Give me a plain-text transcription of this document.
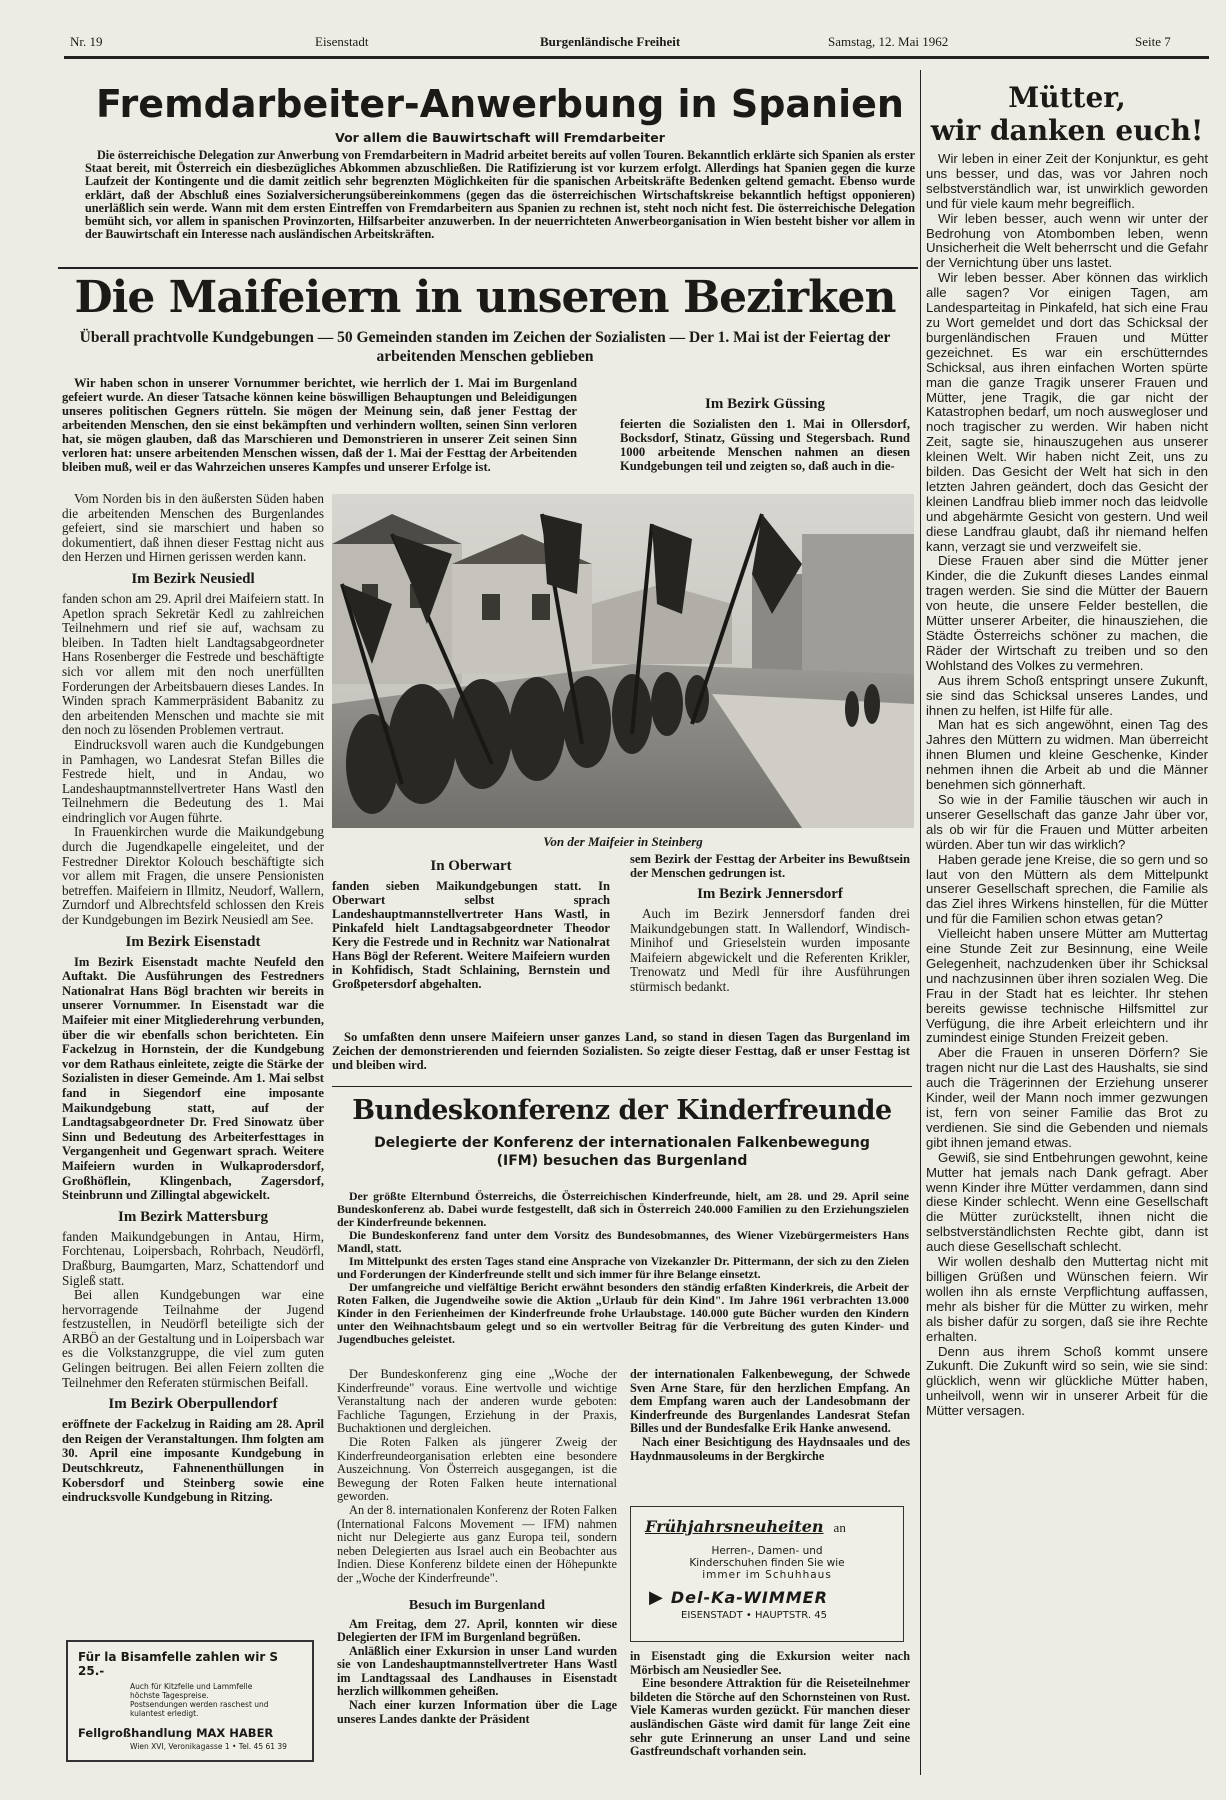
Nr. 19	Eisenstadt	Burgenländische Freiheit	Samstag, 12. Mai 1962	Seite 7
Fremdarbeiter-Anwerbung in Spanien
Vor allem die Bauwirtschaft will Fremdarbeiter
Die österreichische Delegation zur Anwerbung von Fremdarbeitern in Madrid arbeitet bereits auf vollen Touren. Bekanntlich erklärte sich Spanien als erster Staat bereit, mit Österreich ein diesbezügliches Abkommen abzuschließen. Die Ratifizierung ist vor kurzem erfolgt. Allerdings hat Spanien gegen die kurze Laufzeit der Kontingente und die damit zeitlich sehr begrenzten Möglichkeiten für die spanischen Arbeitskräfte Bedenken geltend gemacht. Ebenso wurde erklärt, daß der Abschluß eines Sozialversicherungsübereinkommens (gegen das die österreichischen Wirtschaftskreise bekanntlich heftigst opponieren) unerläßlich sein werde. Wann mit dem ersten Eintreffen von Fremdarbeitern aus Spanien zu rechnen ist, steht noch nicht fest. Die österreichische Delegation bemüht sich, vor allem in spanischen Provinzorten, Hilfsarbeiter anzuwerben. In der neuerrichteten Anwerbeorganisation in Wien besteht bisher vor allem in der Bauwirtschaft ein Interesse nach ausländischen Arbeitskräften.
Die Maifeiern in unseren Bezirken
Überall prachtvolle Kundgebungen — 50 Gemeinden standen im Zeichen der Sozialisten — Der 1. Mai ist der Feiertag der arbeitenden Menschen geblieben
Wir haben schon in unserer Vornummer berichtet, wie herrlich der 1. Mai im Burgenland gefeiert wurde. An dieser Tatsache können keine böswilligen Behauptungen und Beleidigungen unseres politischen Gegners rütteln. Sie mögen der Meinung sein, daß jener Festtag der arbeitenden Menschen, den sie einst bekämpften und verhindern wollten, seinen Sinn verloren hat, sie mögen glauben, daß das Marschieren und Demonstrieren in unserer Zeit seinen Sinn verloren hat: unsere arbeitenden Menschen wissen, daß der 1. Mai der Festtag der Arbeitenden bleiben muß, weil er das Wahrzeichen unseres Kampfes und unserer Erfolge ist.
Im Bezirk Güssing
feierten die Sozialisten den 1. Mai in Ollersdorf, Bocksdorf, Stinatz, Güssing und Stegersbach. Rund 1000 arbeitende Menschen nahmen an diesen Kundgebungen teil und zeigten so, daß auch in die-

Vom Norden bis in den äußersten Süden haben die arbeitenden Menschen des Burgenlandes gefeiert, sind sie marschiert und haben so dokumentiert, daß ihnen dieser Festtag nicht aus den Herzen und Hirnen gerissen werden kann.

Im Bezirk Neusiedl

fanden schon am 29. April drei Maifeiern statt. In Apetlon sprach Sekretär Kedl zu zahlreichen Teilnehmern und rief sie auf, wachsam zu bleiben. In Tadten hielt Landtagsabgeordneter Hans Rosenberger die Festrede und beschäftigte sich vor allem mit den noch unerfüllten Forderungen der Arbeitsbauern dieses Landes. In Winden sprach Kammerpräsident Babanitz zu den arbeitenden Menschen und machte sie mit den noch zu lösenden Problemen vertraut.

Eindrucksvoll waren auch die Kundgebungen in Pamhagen, wo Landesrat Stefan Billes die Festrede hielt, und in Andau, wo Landeshauptmannstellvertreter Hans Wastl den Teilnehmern die Bedeutung des 1. Mai eindringlich vor Augen führte.

In Frauenkirchen wurde die Maikundgebung durch die Jugendkapelle eingeleitet, und der Festredner Direktor Kolouch beschäftigte sich vor allem mit Fragen, die unsere Pensionisten betreffen. Maifeiern in Illmitz, Neudorf, Wallern, Zurndorf und Albrechtsfeld schlossen den Kreis der Kundgebungen im Bezirk Neusiedl am See.

Im Bezirk Eisenstadt

Im Bezirk Eisenstadt machte Neufeld den Auftakt. Die Ausführungen des Festredners Nationalrat Hans Bögl brachten wir bereits in unserer Vornummer. In Eisenstadt war die Maifeier mit einer Mitgliederehrung verbunden, über die wir ebenfalls schon berichteten. Ein Fackelzug in Hornstein, der die Kundgebung vor dem Rathaus einleitete, zeigte die Stärke der Sozialisten in dieser Gemeinde. Am 1. Mai selbst fand in Siegendorf eine imposante Maikundgebung statt, auf der Landtagsabgeordneter Dr. Fred Sinowatz über Sinn und Bedeutung des Arbeiterfesttages in Vergangenheit und Gegenwart sprach. Weitere Maifeiern wurden in Wulkaprodersdorf, Großhöflein, Klingenbach, Zagersdorf, Steinbrunn und Zillingtal abgewickelt.

Im Bezirk Mattersburg

fanden Maikundgebungen in Antau, Hirm, Forchtenau, Loipersbach, Rohrbach, Neudörfl, Draßburg, Baumgarten, Marz, Schattendorf und Sigleß statt.

Bei allen Kundgebungen war eine hervorragende Teilnahme der Jugend festzustellen, in Neudörfl beteiligte sich der ARBÖ an der Gestaltung und in Loipersbach war es die Volkstanzgruppe, die viel zum guten Gelingen beitrugen. Bei allen Feiern zollten die Teilnehmer den Referaten stürmischen Beifall.

Im Bezirk Oberpullendorf

eröffnete der Fackelzug in Raiding am 28. April den Reigen der Veranstaltungen. Ihm folgten am 30. April eine imposante Kundgebung in Deutschkreutz, Fahnenenthüllungen in Kobersdorf und Steinberg sowie eine eindrucksvolle Kundgebung in Ritzing.

Für la Bisamfelle zahlen wir S 25.-
Auch für Kitzfelle und Lammfelle
höchste Tagespreise.
Postsendungen werden raschest und
kulantest erledigt.
Fellgroßhandlung MAX HABER
Wien XVI, Veronikagasse 1 • Tel. 45 61 39
Von der Maifeier in Steinberg
In Oberwart
fanden sieben Maikundgebungen statt. In Oberwart selbst sprach Landeshauptmannstellvertreter Hans Wastl, in Pinkafeld hielt Landtagsabgeordneter Theodor Kery die Festrede und in Rechnitz war Nationalrat Hans Bögl der Referent. Weitere Maifeiern wurden in Kohfidisch, Stadt Schlaining, Bernstein und Großpetersdorf abgehalten.
sem Bezirk der Festtag der Arbeiter ins Bewußtsein der Menschen gedrungen ist.
Im Bezirk Jennersdorf

Auch im Bezirk Jennersdorf fanden drei Maikundgebungen statt. In Wallendorf, Windisch-Minihof und Grieselstein wurden imposante Maifeiern abgewickelt und die Referenten Krikler, Trenowatz und Medl für ihre Ausführungen stürmisch bedankt.

So umfaßten denn unsere Maifeiern unser ganzes Land, so stand in diesen Tagen das Burgenland im Zeichen der demonstrierenden und feiernden Sozialisten. So zeigte dieser Festtag, daß er unser Festtag ist und bleiben wird.
Bundeskonferenz der Kinderfreunde
Delegierte der Konferenz der internationalen Falkenbewegung (IFM) besuchen das Burgenland

Der größte Elternbund Österreichs, die Österreichischen Kinderfreunde, hielt, am 28. und 29. April seine Bundeskonferenz ab. Dabei wurde festgestellt, daß sich in Österreich 240.000 Familien zu den Erziehungszielen der Kinderfreunde bekennen.

Die Bundeskonferenz fand unter dem Vorsitz des Bundesobmannes, des Wiener Vizebürgermeisters Hans Mandl, statt.

Im Mittelpunkt des ersten Tages stand eine Ansprache von Vizekanzler Dr. Pittermann, der sich zu den Zielen und Forderungen der Kinderfreunde stellt und sich immer für ihre Belange einsetzt.

Der umfangreiche und vielfältige Bericht erwähnt besonders den ständig erfaßten Kinderkreis, die Arbeit der Roten Falken, die Jugendweihe sowie die Aktion „Urlaub für dein Kind". Im Jahre 1961 verbrachten 13.000 Kinder in den Ferienheimen der Kinderfreunde frohe Urlaubstage. 140.000 gute Bücher wurden den Kindern unter den Weihnachtsbaum gelegt und so ein wertvoller Beitrag für die Verbreitung des guten Kinder- und Jugendbuches geleistet.

Der Bundeskonferenz ging eine „Woche der Kinderfreunde" voraus. Eine wertvolle und wichtige Veranstaltung nach der anderen wurde geboten: Fachliche Tagungen, Erziehung in der Praxis, Buchaktionen und dergleichen.

Die Roten Falken als jüngerer Zweig der Kinderfreundeorganisation erlebten eine besondere Auszeichnung. Von Österreich ausgegangen, ist die Bewegung der Roten Falken heute international geworden.

An der 8. internationalen Konferenz der Roten Falken (International Falcons Movement — IFM) nahmen nicht nur Delegierte aus ganz Europa teil, sondern neben Delegierten aus Israel auch ein Beobachter aus Indien. Diese Konferenz bildete einen der Höhepunkte der „Woche der Kinderfreunde".

Besuch im Burgenland

Am Freitag, dem 27. April, konnten wir diese Delegierten der IFM im Burgenland begrüßen.

Anläßlich einer Exkursion in unser Land wurden sie von Landeshauptmannstellvertreter Hans Wastl im Landtagssaal des Landhauses in Eisenstadt herzlich willkommen geheißen.

Nach einer kurzen Information über die Lage unseres Landes dankte der Präsident

der internationalen Falkenbewegung, der Schwede Sven Arne Stare, für den herzlichen Empfang. An dem Empfang waren auch der Landesobmann der Kinderfreunde des Burgenlandes Landesrat Stefan Billes und der Bundesfalke Erik Hanke anwesend.

Nach einer Besichtigung des Haydnsaales und des Haydnmausoleums in der Bergkirche

Frühjahrsneuheiten an
Herren-, Damen- und
Kinderschuhen finden Sie wie
immer im Schuhhaus
▶ Del-Ka-WIMMER
EISENSTADT • HAUPTSTR. 45

in Eisenstadt ging die Exkursion weiter nach Mörbisch am Neusiedler See.

Eine besondere Attraktion für die Reiseteilnehmer bildeten die Störche auf den Schornsteinen von Rust. Viele Kameras wurden gezückt. Für manchen dieser ausländischen Gäste wird damit für lange Zeit eine sehr gute Erinnerung an unser Land und seine Gastfreundschaft vorhanden sein.

Mütter,
wir danken euch!

Wir leben in einer Zeit der Konjunktur, es geht uns besser, und das, was vor Jahren noch selbstverständlich war, ist unwirklich geworden und für viele kaum mehr begreiflich.

Wir leben besser, auch wenn wir unter der Bedrohung von Atombomben leben, wenn Unsicherheit die Welt beherrscht und die Gefahr der Vernichtung über uns lastet.

Wir leben besser. Aber können das wirklich alle sagen? Vor einigen Tagen, am Landesparteitag in Pinkafeld, hat sich eine Frau zu Wort gemeldet und dort das Schicksal der burgenländischen Frauen und Mütter gezeichnet. Es war ein erschütterndes Schicksal, aus ihren einfachen Worten spürte man die ganze Tragik unserer Frauen und Mütter, jene Tragik, die gar nicht der Katastrophen bedarf, um noch auswegloser und noch tragischer zu werden. Wir haben nicht Zeit, sagte sie, hinauszugehen aus unserer kleinen Welt. Wir haben nicht Zeit, uns zu bilden. Das Gesicht der Welt hat sich in den letzten Jahren geändert, doch das Gesicht der kleinen Landfrau blieb immer noch das leidvolle und abgehärmte Gesicht von gestern. Und weil diese Landfrau glaubt, daß ihr niemand helfen kann, verzagt sie und verzweifelt sie.

Diese Frauen aber sind die Mütter jener Kinder, die die Zukunft dieses Landes einmal tragen werden. Sie sind die Mütter der Bauern von heute, die unsere Felder bestellen, die Mütter unserer Arbeiter, die hinausziehen, die Städte Österreichs schöner zu machen, die Räder der Wirtschaft zu treiben und so den Wohlstand des Volkes zu vermehren.

Aus ihrem Schoß entspringt unsere Zukunft, sie sind das Schicksal unseres Landes, und ihnen zu helfen, ist Hilfe für alle.

Man hat es sich angewöhnt, einen Tag des Jahres den Müttern zu widmen. Man überreicht ihnen Blumen und kleine Geschenke, Kinder nehmen ihnen die Arbeit ab und die Männer benehmen sich gönnerhaft.

So wie in der Familie täuschen wir auch in unserer Gesellschaft das ganze Jahr über vor, als ob wir für die Frauen und Mütter arbeiten würden. Aber tun wir das wirklich?

Haben gerade jene Kreise, die so gern und so laut von den Müttern als dem Mittelpunkt unserer Gesellschaft sprechen, die Familie als das Ziel ihres Wirkens hinstellen, für die Mütter und für die Familien schon etwas getan?

Vielleicht haben unsere Mütter am Muttertag eine Stunde Zeit zur Besinnung, eine Weile Gelegenheit, nachzudenken über ihr Schicksal und nachzusinnen über ihren sozialen Weg. Die Frau in der Stadt hat es leichter. Ihr stehen bereits gewisse technische Hilfsmittel zur Verfügung, die ihre Arbeit erleichtern und ihr zumindest einige Stunden Freizeit geben.

Aber die Frauen in unseren Dörfern? Sie tragen nicht nur die Last des Haushalts, sie sind auch die Trägerinnen der Erziehung unserer Kinder, weil der Mann noch immer gezwungen ist, fern von seiner Familie das Brot zu verdienen. Sie sind die Gebenden und niemals gibt ihnen jemand etwas.

Gewiß, sie sind Entbehrungen gewohnt, keine Mutter hat jemals nach Dank gefragt. Aber wenn Kinder ihre Mütter verdammen, dann sind diese Kinder schlecht. Wenn eine Gesellschaft die Mütter zurückstellt, ihnen nicht die selbstverständlichsten Rechte gibt, dann ist auch diese Gesellschaft schlecht.

Wir wollen deshalb den Muttertag nicht mit billigen Grüßen und Wünschen feiern. Wir wollen ihn als ernste Verpflichtung auffassen, mehr als bisher für die Mütter zu wirken, mehr als bisher dafür zu sorgen, daß sie ihre Rechte erhalten.

Denn aus ihrem Schoß kommt unsere Zukunft. Die Zukunft wird so sein, wie sie sind: glücklich, wenn wir glückliche Mütter haben, unheilvoll, wenn wir in unserer Arbeit für die Mütter versagen.
